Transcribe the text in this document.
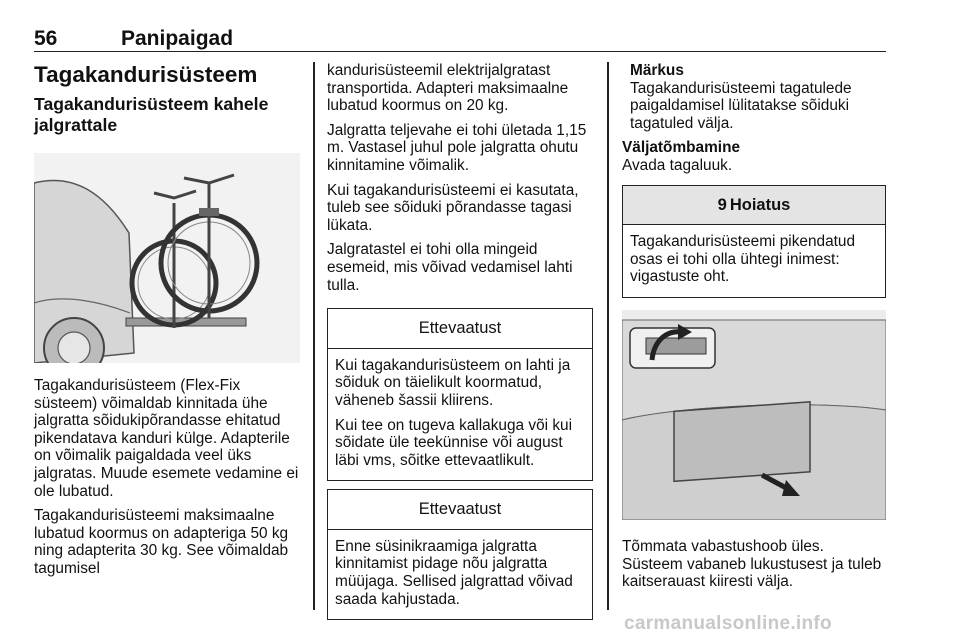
56	Panipaigad
Tagakandurisüsteem
Tagakandurisüsteem kahele jalgrattale

Tagakandurisüsteem (Flex-Fix süsteem) võimaldab kinnitada ühe jalgratta sõidukipõrandasse ehitatud pikendatava kanduri külge. Adapterile on võimalik paigaldada veel üks jalgratas. Muude esemete vedamine ei ole lubatud.

Tagakandurisüsteemi maksimaalne lubatud koormus on adapteriga 50 kg ning adapterita 30 kg. See võimaldab tagumisel

kandurisüsteemil elektrijalgratast transportida. Adapteri maksimaalne lubatud koormus on 20 kg.

Jalgratta teljevahe ei tohi ületada 1,15 m. Vastasel juhul pole jalgratta ohutu kinnitamine võimalik.

Kui tagakandurisüsteemi ei kasutata, tuleb see sõiduki põrandasse tagasi lükata.

Jalgratastel ei tohi olla mingeid esemeid, mis võivad vedamisel lahti tulla.

Ettevaatust

Kui tagakandurisüsteem on lahti ja sõiduk on täielikult koormatud, väheneb šassii kliirens.

Kui tee on tugeva kallakuga või kui sõidate üle teekünnise või august läbi vms, sõitke ettevaatlikult.

Ettevaatust

Enne süsinikraamiga jalgratta kinnitamist pidage nõu jalgratta müüjaga. Sellised jalgrattad võivad saada kahjustada.

Märkus

Tagakandurisüsteemi tagatulede paigaldamisel lülitatakse sõiduki tagatuled välja.

Väljatõmbamine

Avada tagaluuk.

9 Hoiatus

Tagakandurisüsteemi pikendatud osas ei tohi olla ühtegi inimest: vigastuste oht.

Tõmmata vabastushoob üles. Süsteem vabaneb lukustusest ja tuleb kaitserauast kiiresti välja.

carmanualsonline.info
